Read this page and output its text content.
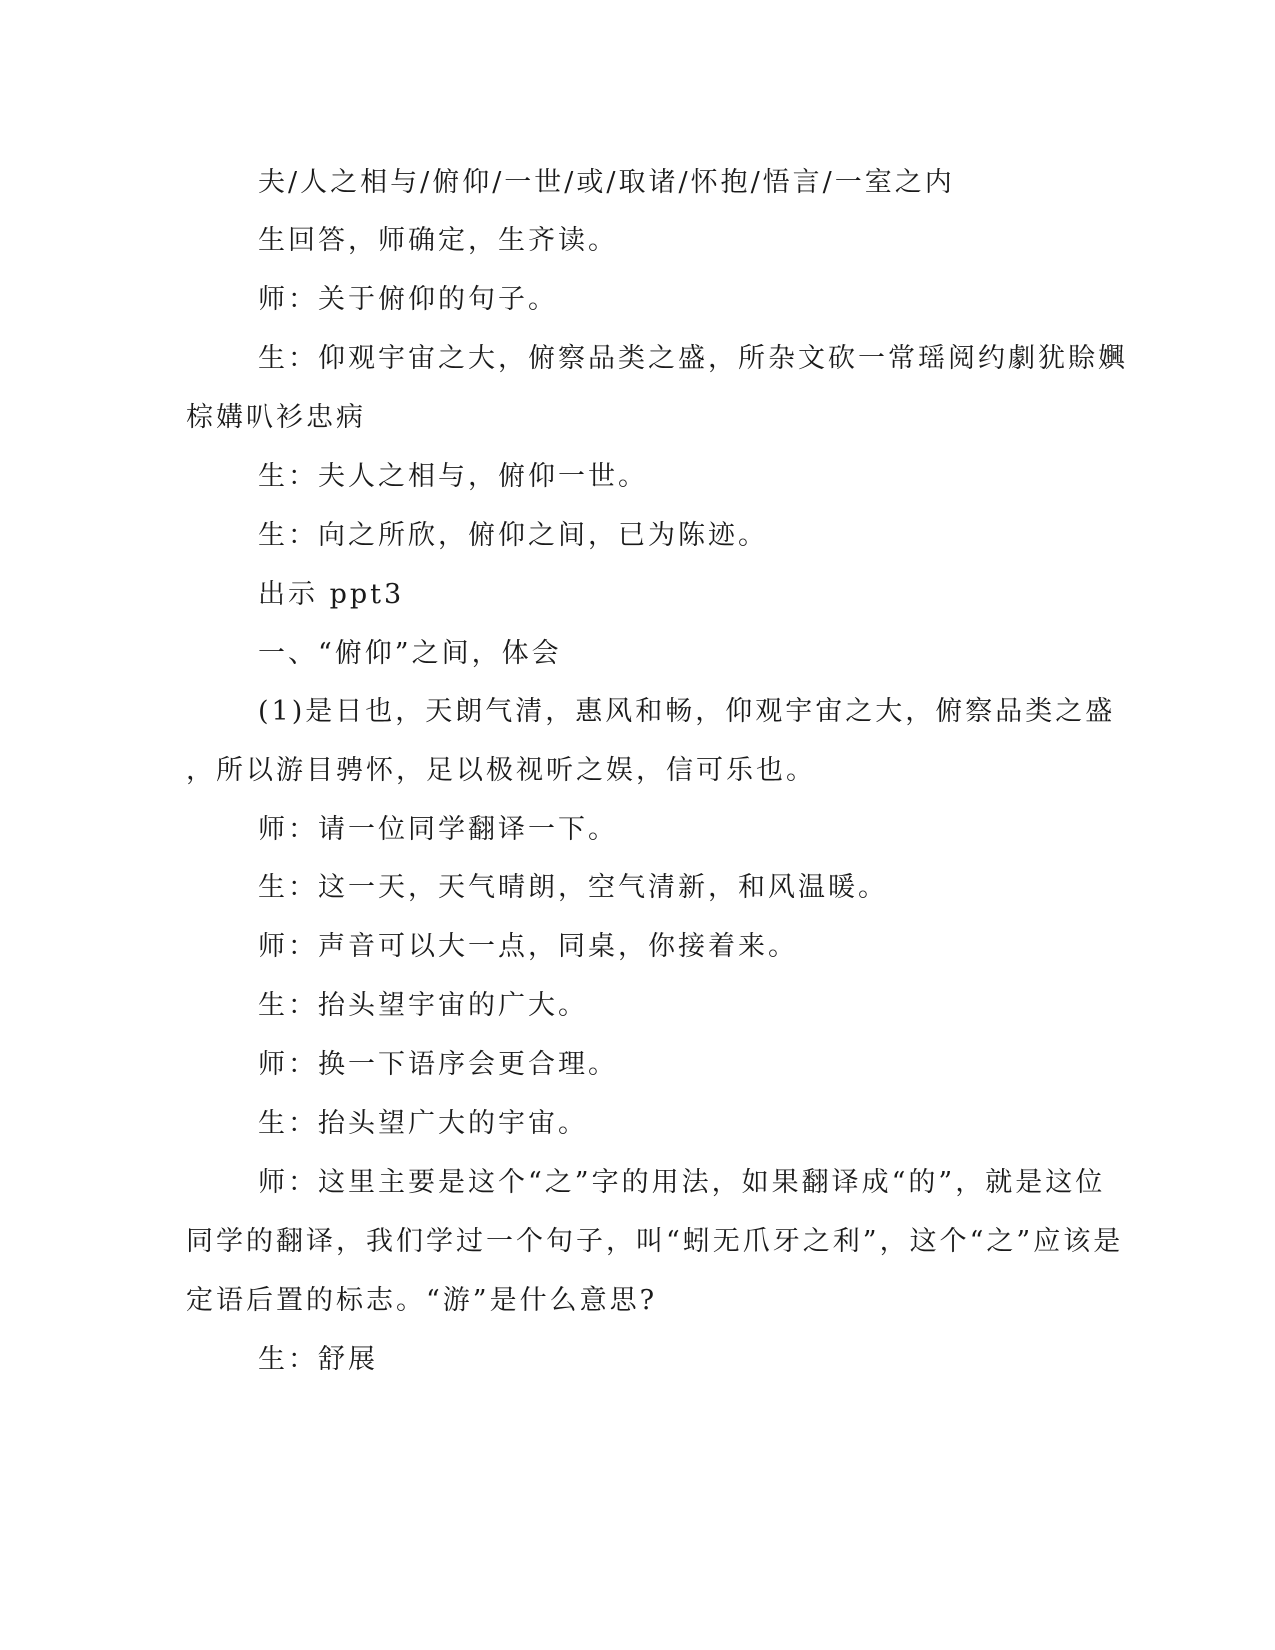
夫/人之相与/俯仰/一世/或/取诸/怀抱/悟言/一室之内

生回答，师确定，生齐读。

师：关于俯仰的句子。

生：仰观宇宙之大，俯察品类之盛，所杂文砍一常瑶阅约劇犹賒嬹

棕媾叭衫忠病

生：夫人之相与，俯仰一世。

生：向之所欣，俯仰之间，已为陈迹。

出示 ppt3

一、“俯仰”之间，体会

(1)是日也，天朗气清，惠风和畅，仰观宇宙之大，俯察品类之盛

，所以游目骋怀，足以极视听之娱，信可乐也。

师：请一位同学翻译一下。

生：这一天，天气晴朗，空气清新，和风温暖。

师：声音可以大一点，同桌，你接着来。

生：抬头望宇宙的广大。

师：换一下语序会更合理。

生：抬头望广大的宇宙。

师：这里主要是这个“之”字的用法，如果翻译成“的”，就是这位

同学的翻译，我们学过一个句子，叫“蚓无爪牙之利”，这个“之”应该是

定语后置的标志。“游”是什么意思?

生：舒展
